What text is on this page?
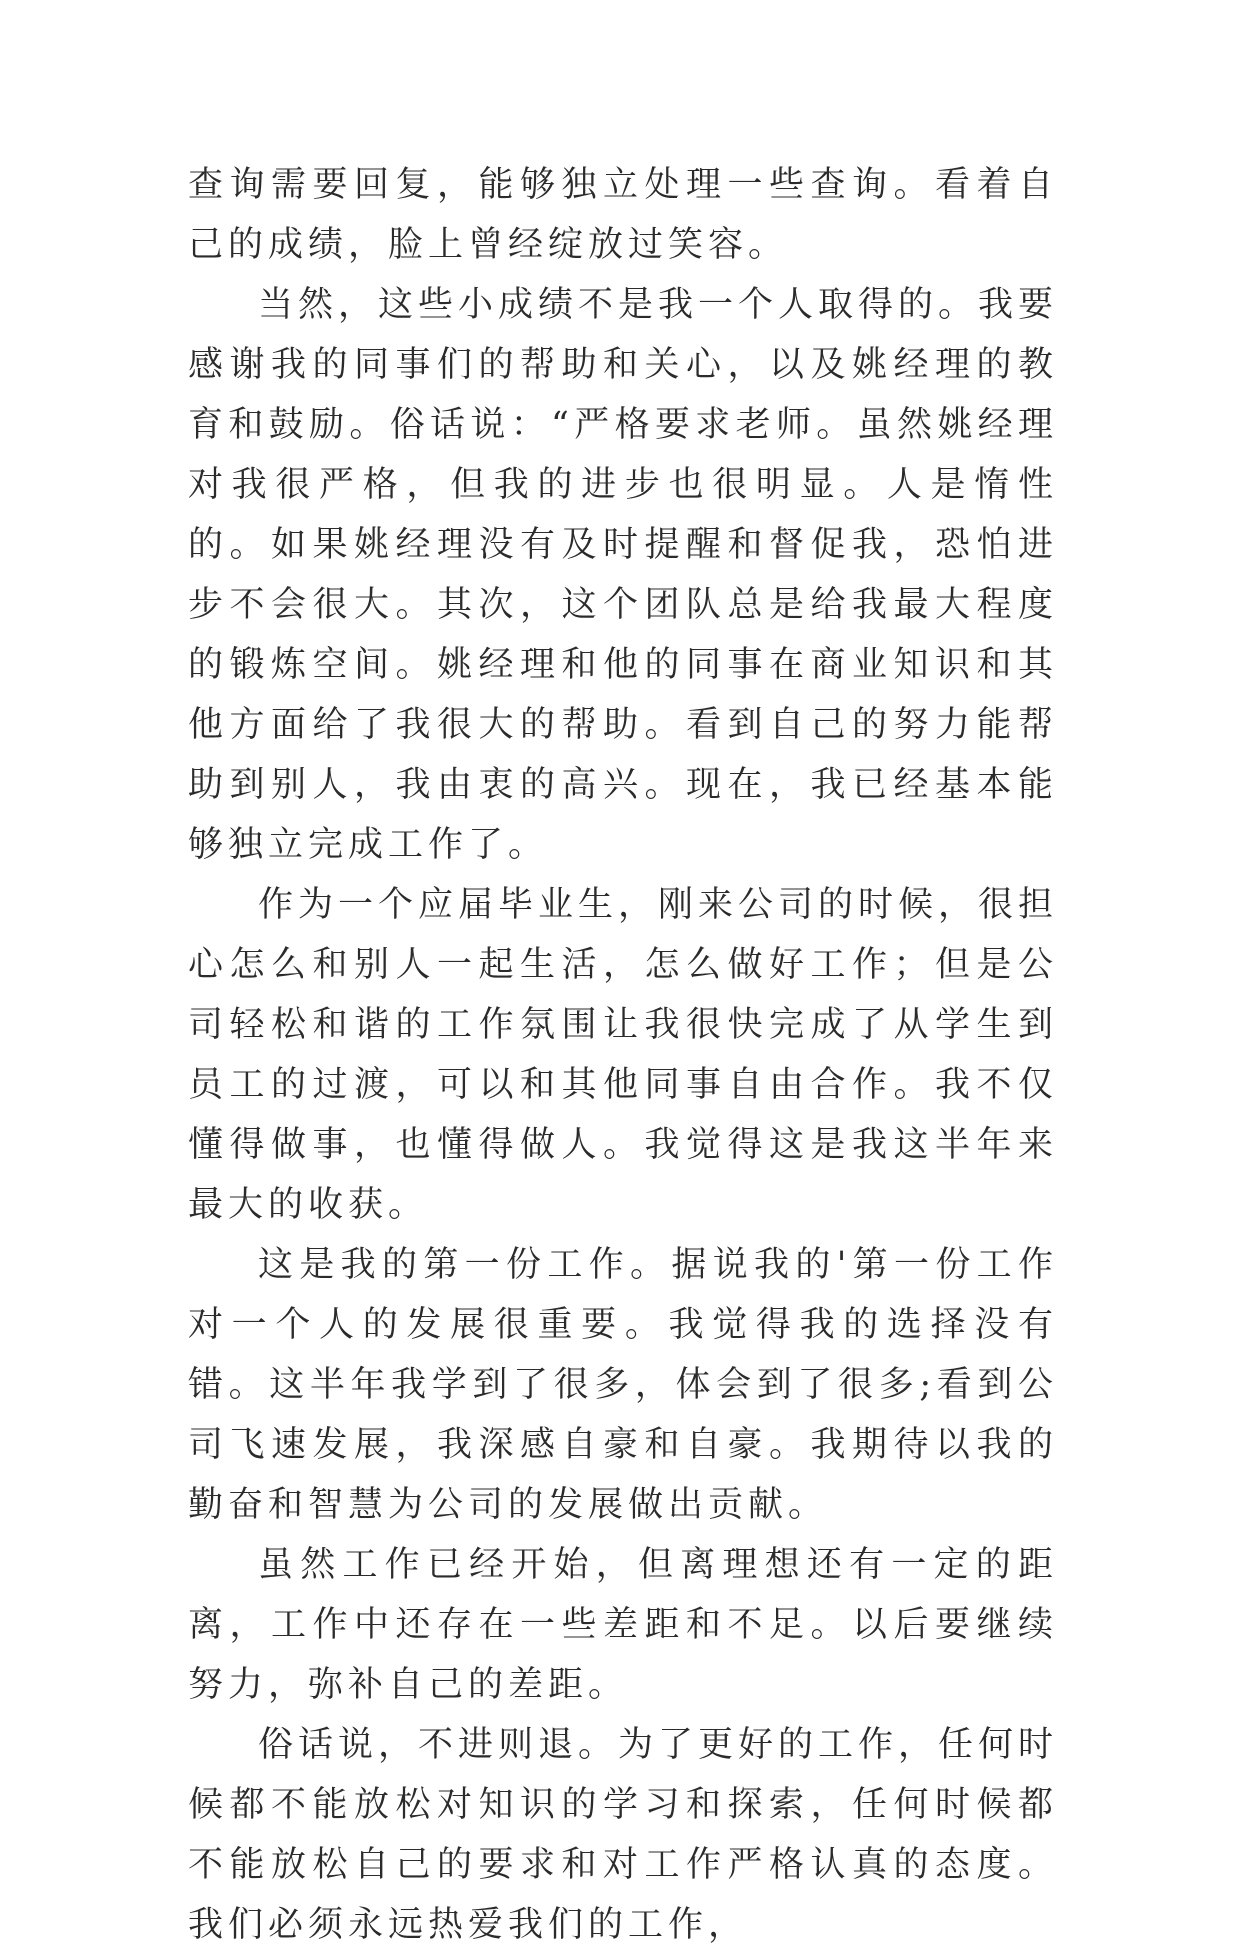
查询需要回复，能够独立处理一些查询。看着自己的成绩，脸上曾经绽放过笑容。

当然，这些小成绩不是我一个人取得的。我要感谢我的同事们的帮助和关心，以及姚经理的教育和鼓励。俗话说：“严格要求老师。虽然姚经理对我很严格，但我的进步也很明显。人是惰性的。如果姚经理没有及时提醒和督促我，恐怕进步不会很大。其次，这个团队总是给我最大程度的锻炼空间。姚经理和他的同事在商业知识和其他方面给了我很大的帮助。看到自己的努力能帮助到别人，我由衷的高兴。现在，我已经基本能够独立完成工作了。

作为一个应届毕业生，刚来公司的时候，很担心怎么和别人一起生活，怎么做好工作；但是公司轻松和谐的工作氛围让我很快完成了从学生到员工的过渡，可以和其他同事自由合作。我不仅懂得做事，也懂得做人。我觉得这是我这半年来最大的收获。

这是我的第一份工作。据说我的'第一份工作对一个人的发展很重要。我觉得我的选择没有错。这半年我学到了很多，体会到了很多;看到公司飞速发展，我深感自豪和自豪。我期待以我的勤奋和智慧为公司的发展做出贡献。

虽然工作已经开始，但离理想还有一定的距离，工作中还存在一些差距和不足。以后要继续努力，弥补自己的差距。

俗话说，不进则退。为了更好的工作，任何时候都不能放松对知识的学习和探索，任何时候都不能放松自己的要求和对工作严格认真的态度。我们必须永远热爱我们的工作，
